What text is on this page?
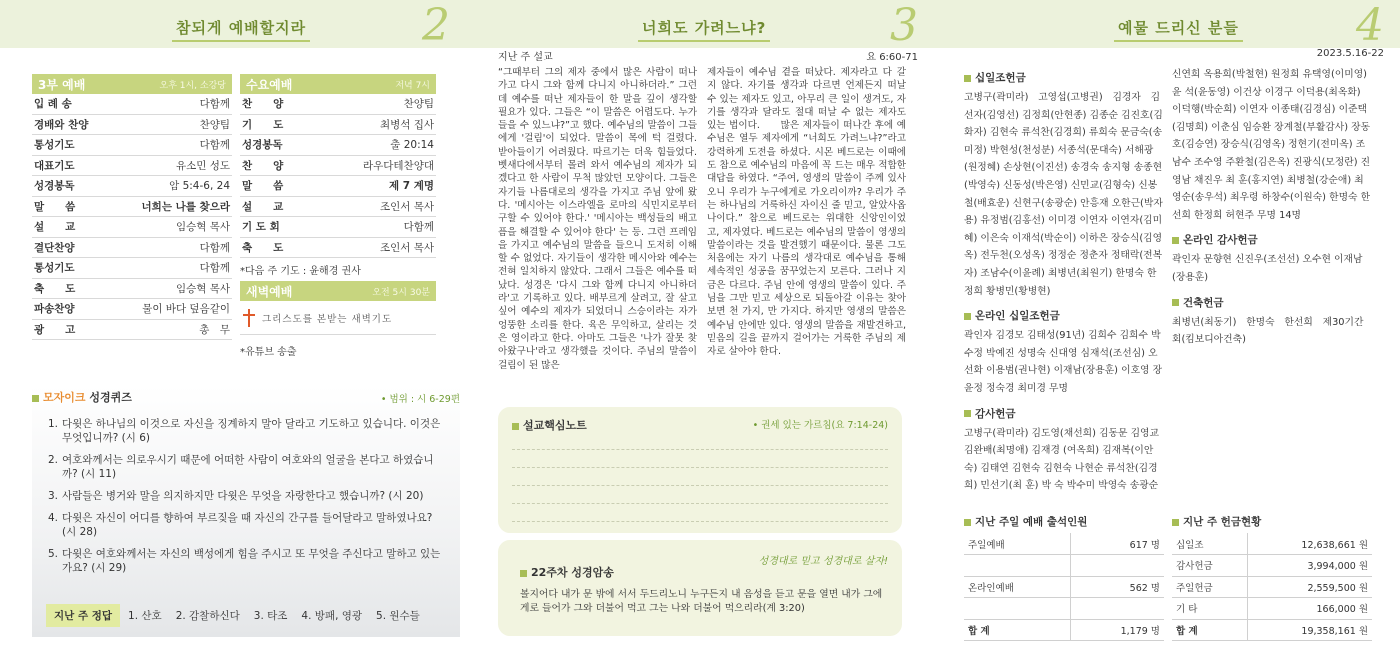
참되게 예배할지라	2
3부 예배	오후 1시, 소강당
입 례 송	다함께
경배와 찬양	찬양팀
통성기도	다함께
대표기도	유소민 성도
성경봉독	암 5:4-6, 24
말　　씀	너희는 나를 찾으라
설　　교	임승혁 목사
결단찬양	다함께
통성기도	다함께
축　　도	임승혁 목사
파송찬양	물이 바다 덮음같이
광　　고	총　무
수요예배	저녁 7시
찬　　양	찬양팀
기　　도	최병석 집사
성경봉독	출 20:14
찬　　양	라우다테찬양대
말　　씀	제 7 계명
설　　교	조인서 목사
기 도 회	다함께
축　　도	조인서 목사
*다음 주 기도 : 윤해경 권사
새벽예배	오전 5시 30분
그리스도를 본받는 새벽기도
*유튜브 송출
모자이크 성경퀴즈	• 범위 : 시 6-29편
1. 다윗은 하나님의 이것으로 자신을 징계하지 말아 달라고 기도하고 있습니다. 이것은 무엇입니까? (시 6)
2. 여호와께서는 의로우시기 때문에 어떠한 사람이 여호와의 얼굴을 본다고 하였습니까? (시 11)
3. 사람들은 병거와 말을 의지하지만 다윗은 무엇을 자랑한다고 했습니까? (시 20)
4. 다윗은 자신이 어디를 향하여 부르짖을 때 자신의 간구를 들어달라고 말하였나요? (시 28)
5. 다윗은 여호와께서는 자신의 백성에게 힘을 주시고 또 무엇을 주신다고 말하고 있는가요? (시 29)
지난 주 정답	1. 산호 2. 감찰하신다 3. 타조 4. 방패, 영광 5. 원수들
너희도 가려느냐?	3
지난 주 설교	요 6:60-71

“그때부터 그의 제자 중에서 많은 사람이 떠나가고 다시 그와 함께 다니지 아니하더라.” 그런데 예수를 떠난 제자들이 한 말을 깊이 생각할 필요가 있다. 그들은 “이 말씀은 어렵도다. 누가 들을 수 있느냐?”고 했다. 예수님의 말씀이 그들에게 '걸림'이 되었다. 말씀이 목에 턱 걸렸다. 받아들이기 어려웠다. 따르기는 더욱 힘들었다. 벳새다에서부터 몰려 와서 예수님의 제자가 되겠다고 한 사람이 무척 많았던 모양이다. 그들은 자기들 나름대로의 생각을 가지고 주님 앞에 왔다. '메시아는 이스라엘을 로마의 식민지로부터 구할 수 있어야 한다.' '메시아는 백성들의 배고픔을 해결할 수 있어야 한다' 는 등. 그런 프레임을 가지고 예수님의 말씀을 들으니 도저히 이해할 수 없었다. 자기들이 생각한 메시아와 예수는 전혀 일치하지 않았다. 그래서 그들은 예수를 떠났다. 성경은 '다시 그와 함께 다니지 아니하더라'고 기록하고 있다. 배부르게 살려고, 잘 살고 싶어 예수의 제자가 되었더니 스승이라는 자가 엉뚱한 소리를 한다. 육은 무익하고, 살리는 것은 영이라고 한다. 아마도 그들은 '나가 잘못 찾아왔구나'라고 생각했을 것이다. 주님의 말씀이 걸림이 된 많은

제자들이 예수님 곁을 떠났다. 제자라고 다 갈 지 않다. 자기를 생각과 다르면 언제든지 떠날 수 있는 제자도 있고, 아무리 큰 일이 생겨도, 자기를 생각과 달라도 절대 떠날 수 없는 제자도 있는 법이다.　　많은 제자들이 떠나간 후에 예수님은 열두 제자에게 “너희도 가려느냐?”라고 강력하게 도전을 하셨다. 시몬 베드로는 이때에도 참으로 예수님의 마음에 꼭 드는 매우 적합한 대답을 하였다. “주여, 영생의 말씀이 주께 있사오니 우리가 누구에게로 가오리이까? 우리가 주는 하나님의 거룩하신 자이신 줄 믿고, 알았사옵나이다.” 참으로 베드로는 위대한 신앙인이었고, 제자였다. 베드로는 예수님의 말씀이 영생의 말씀이라는 것을 발견했기 때문이다. 물론 그도 처음에는 자기 나름의 생각대로 예수님을 통해 세속적인 성공을 꿈꾸었는지 모른다. 그러나 지금은 다르다. 주님 안에 영생의 말씀이 있다. 주님을 그만 믿고 세상으로 되돌아갈 이유는 찾아보면 천 가지, 만 가지다. 하지만 영생의 말씀은 예수님 안에만 있다. 영생의 말씀을 재발견하고, 믿음의 길을 끝까지 걸어가는 거룩한 주님의 제자로 살아야 한다.

설교핵심노트	• 권세 있는 가르침(요 7:14-24)
성경대로 믿고 성경대로 살자!
22주차 성경암송
볼지어다 내가 문 밖에 서서 두드리노니 누구든지 내 음성을 듣고 문을 열면 내가 그에게로 들어가 그와 더불어 먹고 그는 나와 더불어 먹으리라(계 3:20)
예물 드리신 분들	4
2023.5.16-22
십일조헌금
고병구(곽미라)　고영섭(고병권)　김경자　김선자(김영선) 김정희(안현종) 김종순 김진호(김화자) 김현숙 류석찬(김경희) 류희숙 문금숙(송미정) 박현성(천성분) 서종석(문대숙) 서해광(원정혜) 손상현(이진선) 송경숙 송지형 송종현(박영숙) 신동성(박은영) 신민교(김형숙) 신봉철(배효운) 신현구(송광순) 안흥재 오한근(박자용) 유정범(김홍선) 이미경 이연자 이연자(김미혜) 이은숙 이재석(박순이) 이하은 장승식(김영옥) 전두천(오성옥) 정정순 정춘자 정태락(전복자) 조남수(이윤례) 최병년(최원기) 한명숙 한정희 황병민(황병현)
온라인 십일조헌금
곽인자 김경모 김태성(91년) 김희수 김희수 박수정 박예진 성명숙 신대영 심재석(조선심) 오선화 이용범(권나현) 이재남(장용훈) 이호영 장윤정 정숙경 최미경 무명
감사헌금
고병구(곽미라) 김도영(채선희) 김동문 김영교 김완배(최명애) 김재경 (여옥희) 김재복(이안숙) 김태연 김현숙 김현숙 나현순 류석찬(김경희) 민선기(최 훈) 박 숙 박수미 박영숙 송광순
신연희 옥용희(박철현) 원정희 유택영(이미영) 윤 석(윤동영) 이건상 이경구 이덕용(최옥화) 이덕행(박순희) 이연자 이종태(김경심) 이준택(김명희) 이춘심 임승환 장계철(부활감사) 장동호(김승연) 장승식(김영옥) 정현기(전미옥) 조남수 조수영 주환철(김은옥) 진광식(모정란) 진영남 채진우 최 훈(홍지연) 최병철(강순애) 최영순(송우석) 최우령 하창수(이원숙) 한명숙 한선희 한정희 허현주 무명 14명
온라인 감사헌금
곽인자 문향현 신진우(조선선) 오수현 이재남(장용훈)
건축헌금
최병년(최동기)　한명숙　한선희　제30기간회(킴보디아건축)
지난 주일 예배 출석인원
주일예배	617 명

온라인예배	562 명

합 계	1,179 명
지난 주 헌금현황
십일조	12,638,661 원
감사헌금	3,994,000 원
주일헌금	2,559,500 원
기 타	166,000 원
합 계	19,358,161 원
